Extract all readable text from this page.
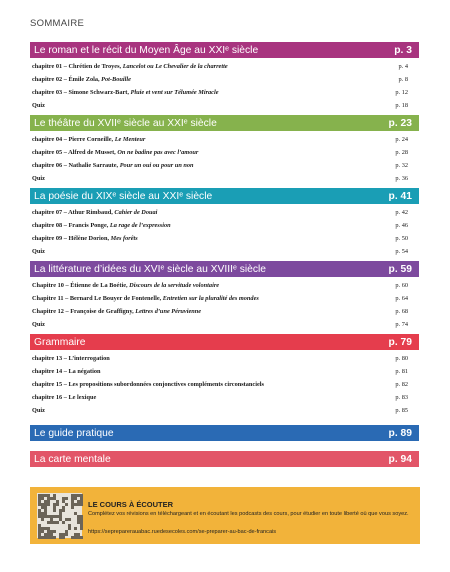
SOMMAIRE
Le roman et le récit du Moyen Âge au XXIᵉ siècle	p. 3
chapitre 01 – Chrétien de Troyes, Lancelot ou Le Chevalier de la charrette	p. 4
chapitre 02 – Émile Zola, Pot-Bouille	p. 8
chapitre 03 – Simone Schwarz-Bart, Pluie et vent sur Télumée Miracle	p. 12
Quiz	p. 18
Le théâtre du XVIIᵉ siècle au XXIᵉ siècle	p. 23
chapitre 04 – Pierre Corneille, Le Menteur	p. 24
chapitre 05 – Alfred de Musset, On ne badine pas avec l’amour	p. 28
chapitre 06 – Nathalie Sarraute, Pour un oui ou pour un non	p. 32
Quiz	p. 36
La poésie du XIXᵉ siècle au XXIᵉ siècle	p. 41
chapitre 07 – Athur Rimbaud, Cahier de Douai	p. 42
chapitre 08 – Francis Ponge, La rage de l’expression	p. 46
chapitre 09 – Hélène Dorion, Mes forêts	p. 50
Quiz	p. 54
La littérature d’idées du XVIᵉ siècle au XVIIIᵉ siècle	p. 59
Chapitre 10 – Étienne de La Boétie, Discours de la servitude volontaire	p. 60
Chapitre 11 – Bernard Le Bouyer de Fontenelle, Entretien sur la pluralité des mondes	p. 64
Chapitre 12 – Françoise de Graffigny, Lettres d’une Péruvienne	p. 68
Quiz	p. 74
Grammaire	p. 79
chapitre 13 – L’interrogation	p. 80
chapitre 14 – La négation	p. 81
chapitre 15 – Les propositions subordonnées conjonctives compléments circonstanciels	p. 82
chapitre 16 – Le lexique	p. 83
Quiz	p. 85
Le guide pratique	p. 89
La carte mentale	p. 94
LE COURS À ÉCOUTER
Complétez vos révisions en téléchargeant et en écoutant les podcasts des cours, pour étudier en toute liberté où que vous soyez.
https://sepreparerauabac.ruedesecoles.com/se-preparer-au-bac-de-francais
